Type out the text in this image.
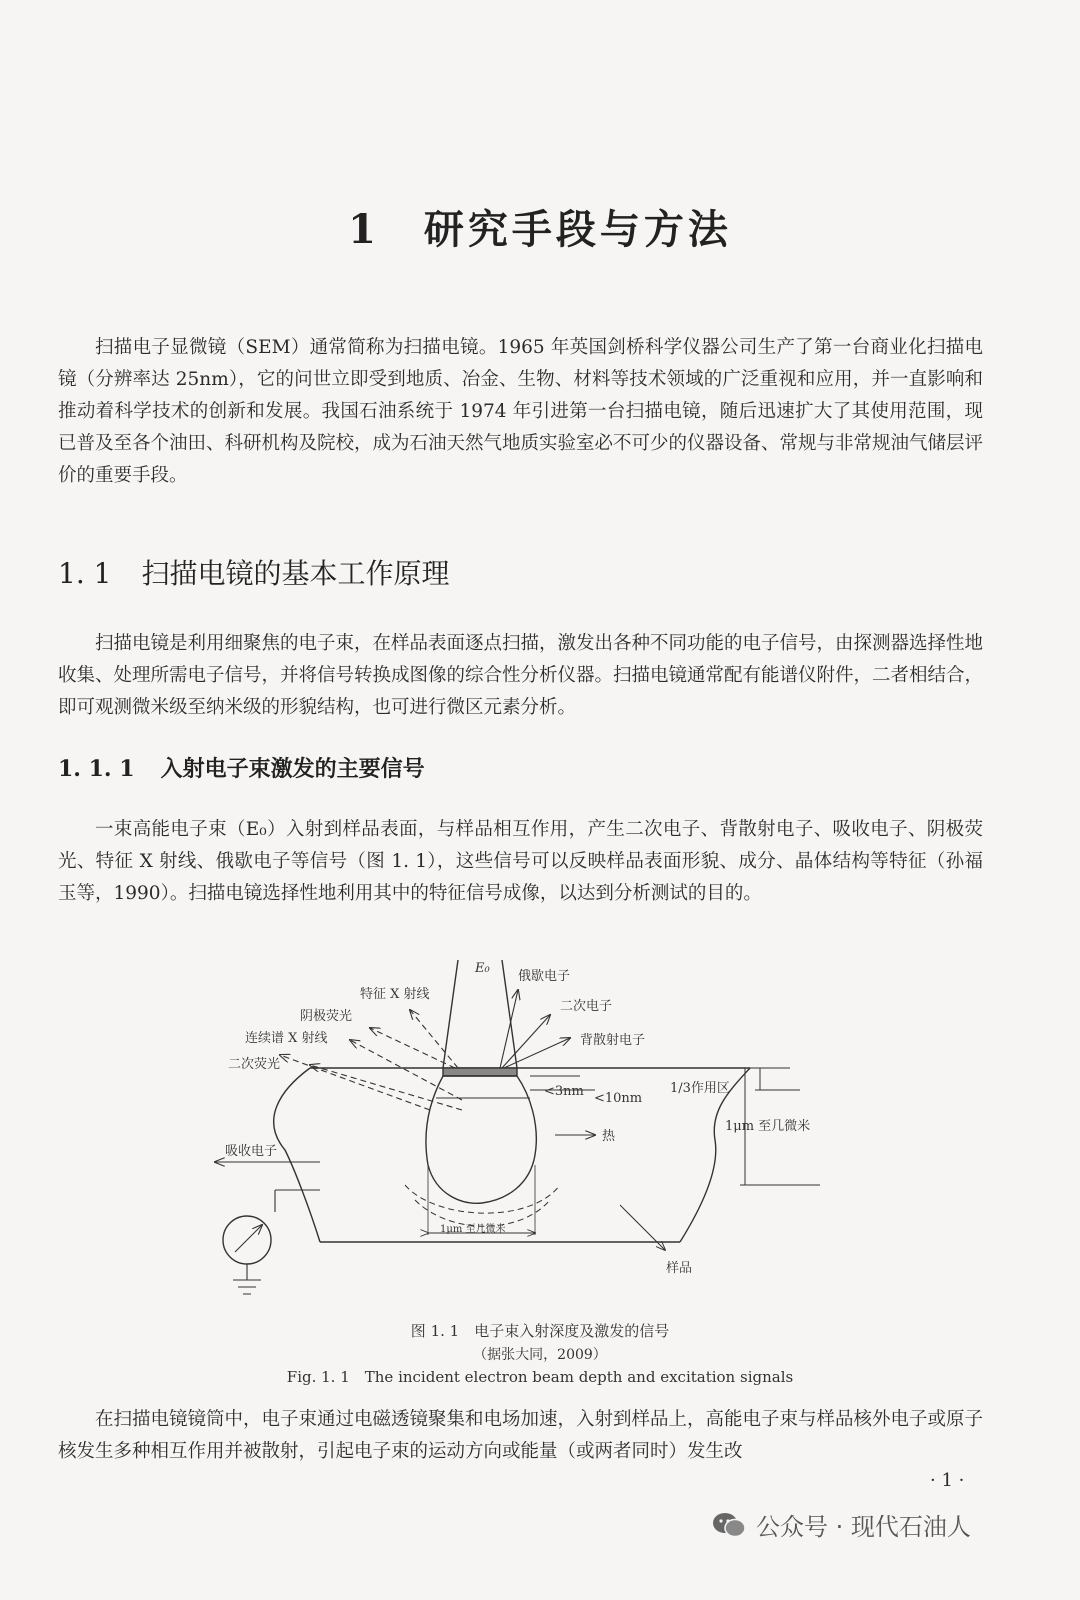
1　研究手段与方法

扫描电子显微镜（SEM）通常简称为扫描电镜。1965 年英国剑桥科学仪器公司生产了第一台商业化扫描电镜（分辨率达 25nm），它的问世立即受到地质、冶金、生物、材料等技术领域的广泛重视和应用，并一直影响和推动着科学技术的创新和发展。我国石油系统于 1974 年引进第一台扫描电镜，随后迅速扩大了其使用范围，现已普及至各个油田、科研机构及院校，成为石油天然气地质实验室必不可少的仪器设备、常规与非常规油气储层评价的重要手段。

1. 1 扫描电镜的基本工作原理

扫描电镜是利用细聚焦的电子束，在样品表面逐点扫描，激发出各种不同功能的电子信号，由探测器选择性地收集、处理所需电子信号，并将信号转换成图像的综合性分析仪器。扫描电镜通常配有能谱仪附件，二者相结合，即可观测微米级至纳米级的形貌结构，也可进行微区元素分析。

1. 1. 1 入射电子束激发的主要信号

一束高能电子束（E₀）入射到样品表面，与样品相互作用，产生二次电子、背散射电子、吸收电子、阴极荧光、特征 X 射线、俄歇电子等信号（图 1. 1），这些信号可以反映样品表面形貌、成分、晶体结构等特征（孙福玉等，1990）。扫描电镜选择性地利用其中的特征信号成像，以达到分析测试的目的。

E₀
俄歇电子
特征 X 射线
二次电子
阴极荧光
背散射电子
连续谱 X 射线
二次荧光
<3nm <10nm
1/3作用区
1μm 至几微米
热
吸收电子
1μm 至几微米
样品
图 1. 1　电子束入射深度及激发的信号
（据张大同，2009）
Fig. 1. 1　The incident electron beam depth and excitation signals

在扫描电镜镜筒中，电子束通过电磁透镜聚集和电场加速，入射到样品上，高能电子束与样品核外电子或原子核发生多种相互作用并被散射，引起电子束的运动方向或能量（或两者同时）发生改

· 1 ·
公众号 · 现代石油人
